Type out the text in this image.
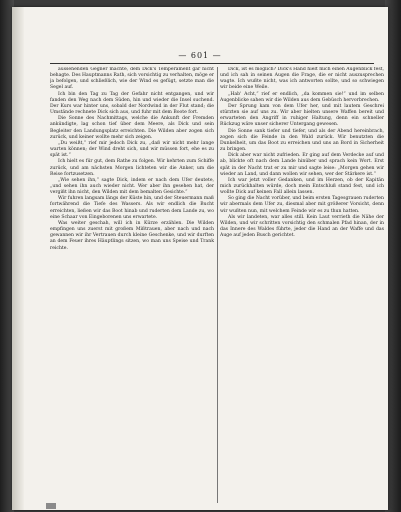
— 601 —

aussehenden Gegner machte, dem Dick's Temperament gar nicht behagte. Des Hauptmanns Rath, sich vorsichtig zu verhalten, möge er ja befolgen, und schließlich, wie der Wind es gefügt, setzte man die Segel auf.

Ich bin den Tag zu Tag der Gefahr nicht entgangen, und wir fanden den Weg nach dem Süden, hin und wieder die Insel suchend. Der Kurs war hinter uns, sobald der Nordwind in der Flut stand; die Umstände rechnete Dick sich aus, und fuhr mit dem Boote fort.

Die Sonne des Nachmittags, welche die Ankunft der Fremden ankündigte, lag schon tief über dem Meere, als Dick und sein Begleiter den Landungsplatz erreichten. Die Wilden aber zogen sich zurück, und keiner wollte mehr sich zeigen.

„Du weißt,“ rief mir jedoch Dick zu, „daß wir nicht mehr lange warten können; der Wind dreht sich, und wir müssen fort, ehe es zu spät ist.“

Ich hielt es für gut, dem Rathe zu folgen. Wir kehrten zum Schiffe zurück, und am nächsten Morgen lichteten wir die Anker, um die Reise fortzusetzen.

„Wie sehen ihn,“ sagte Dick, indem er nach dem Ufer deutete, „und sehen ihn auch wieder nicht. Wer aber ihn gesehen hat, der vergißt ihn nicht, den Wilden mit dem bemalten Gesichte.“

Wir fuhren langsam längs der Küste hin, und der Steuermann maß fortwährend die Tiefe des Wassers. Als wir endlich die Bucht erreichten, ließen wir das Boot hinab und ruderten dem Lande zu, wo eine Schaar von Eingeborenen uns erwartete.

Was weiter geschah, will ich in Kürze erzählen. Die Wilden empfingen uns zuerst mit großem Mißtrauen, aber nach und nach gewannen wir ihr Vertrauen durch kleine Geschenke, und wir durften an dem Feuer ihres Häuptlings sitzen, wo man uns Speise und Trank reichte.

Dick, ist es möglich? Dick's Hand hielt mich einen Augenblick fest, und ich sah in seinen Augen die Frage, die er nicht auszusprechen wagte. Ich wußte nicht, was ich antworten sollte, und so schwiegen wir beide eine Weile.

„Hab' Acht,“ rief er endlich, „da kommen sie!“ und im selben Augenblicke sahen wir die Wilden aus dem Gebüsch hervorbrechen.

Der Sprung kam von dem Ufer her, und mit lautem Geschrei stürzten sie auf uns zu. Wir aber hielten unsere Waffen bereit und erwarteten den Angriff in ruhiger Haltung, denn ein schneller Rückzug wäre unser sicherer Untergang gewesen.

Die Sonne sank tiefer und tiefer, und als der Abend hereinbrach, zogen sich die Feinde in den Wald zurück. Wir benutzten die Dunkelheit, um das Boot zu erreichen und uns an Bord in Sicherheit zu bringen.

Dick aber war nicht zufrieden. Er ging auf dem Verdecke auf und ab, blickte oft nach dem Lande hinüber und sprach kein Wort. Erst spät in der Nacht trat er zu mir und sagte leise: „Morgen gehen wir wieder an Land, und dann wollen wir sehen, wer der Stärkere ist.“

Ich war jetzt voller Gedanken, und im Herzen, ob der Kapitän mich zurückhalten würde, doch mein Entschluß stand fest, und ich wollte Dick auf keinen Fall allein lassen.

So ging die Nacht vorüber, und beim ersten Tagesgrauen ruderten wir abermals dem Ufer zu, diesmal aber mit größerer Vorsicht, denn wir wußten nun, mit welchem Feinde wir es zu thun hatten.

Als wir landeten, war alles still. Kein Laut verrieth die Nähe der Wilden, und wir schritten vorsichtig den schmalen Pfad hinan, der in das Innere des Waldes führte, jeder die Hand an der Waffe und das Auge auf jeden Busch gerichtet.
